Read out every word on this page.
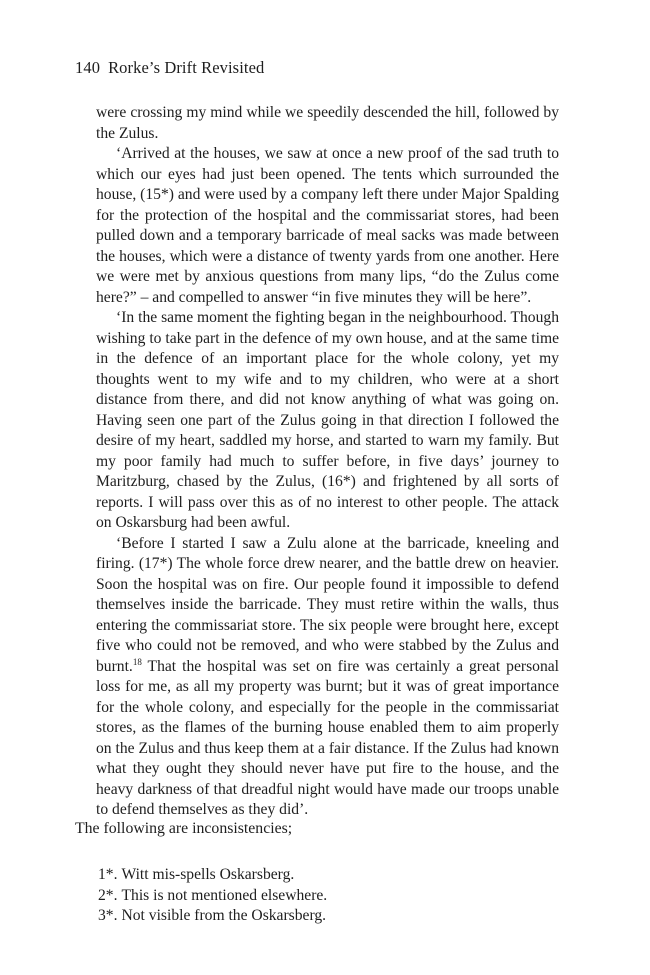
140 Rorke’s Drift Revisited

were crossing my mind while we speedily descended the hill, followed by the Zulus.

‘Arrived at the houses, we saw at once a new proof of the sad truth to which our eyes had just been opened. The tents which surrounded the house, (15*) and were used by a company left there under Major Spalding for the protection of the hospital and the commissariat stores, had been pulled down and a temporary barricade of meal sacks was made between the houses, which were a distance of twenty yards from one another. Here we were met by anxious questions from many lips, “do the Zulus come here?” – and compelled to answer “in five minutes they will be here”.

‘In the same moment the fighting began in the neighbourhood. Though wishing to take part in the defence of my own house, and at the same time in the defence of an important place for the whole colony, yet my thoughts went to my wife and to my children, who were at a short distance from there, and did not know anything of what was going on. Having seen one part of the Zulus going in that direction I followed the desire of my heart, saddled my horse, and started to warn my family. But my poor family had much to suffer before, in five days’ journey to Maritzburg, chased by the Zulus, (16*) and frightened by all sorts of reports. I will pass over this as of no interest to other people. The attack on Oskarsburg had been awful.

‘Before I started I saw a Zulu alone at the barricade, kneeling and firing. (17*) The whole force drew nearer, and the battle drew on heavier. Soon the hospital was on fire. Our people found it impossible to defend themselves inside the barricade. They must retire within the walls, thus entering the commissariat store. The six people were brought here, except five who could not be removed, and who were stabbed by the Zulus and burnt.$^{18}$ That the hospital was set on fire was certainly a great personal loss for me, as all my property was burnt; but it was of great importance for the whole colony, and especially for the people in the commissariat stores, as the flames of the burning house enabled them to aim properly on the Zulus and thus keep them at a fair distance. If the Zulus had known what they ought they should never have put fire to the house, and the heavy darkness of that dreadful night would have made our troops unable to defend themselves as they did’.

The following are inconsistencies;

1*. Witt mis-spells Oskarsberg.
2*. This is not mentioned elsewhere.
3*. Not visible from the Oskarsberg.
